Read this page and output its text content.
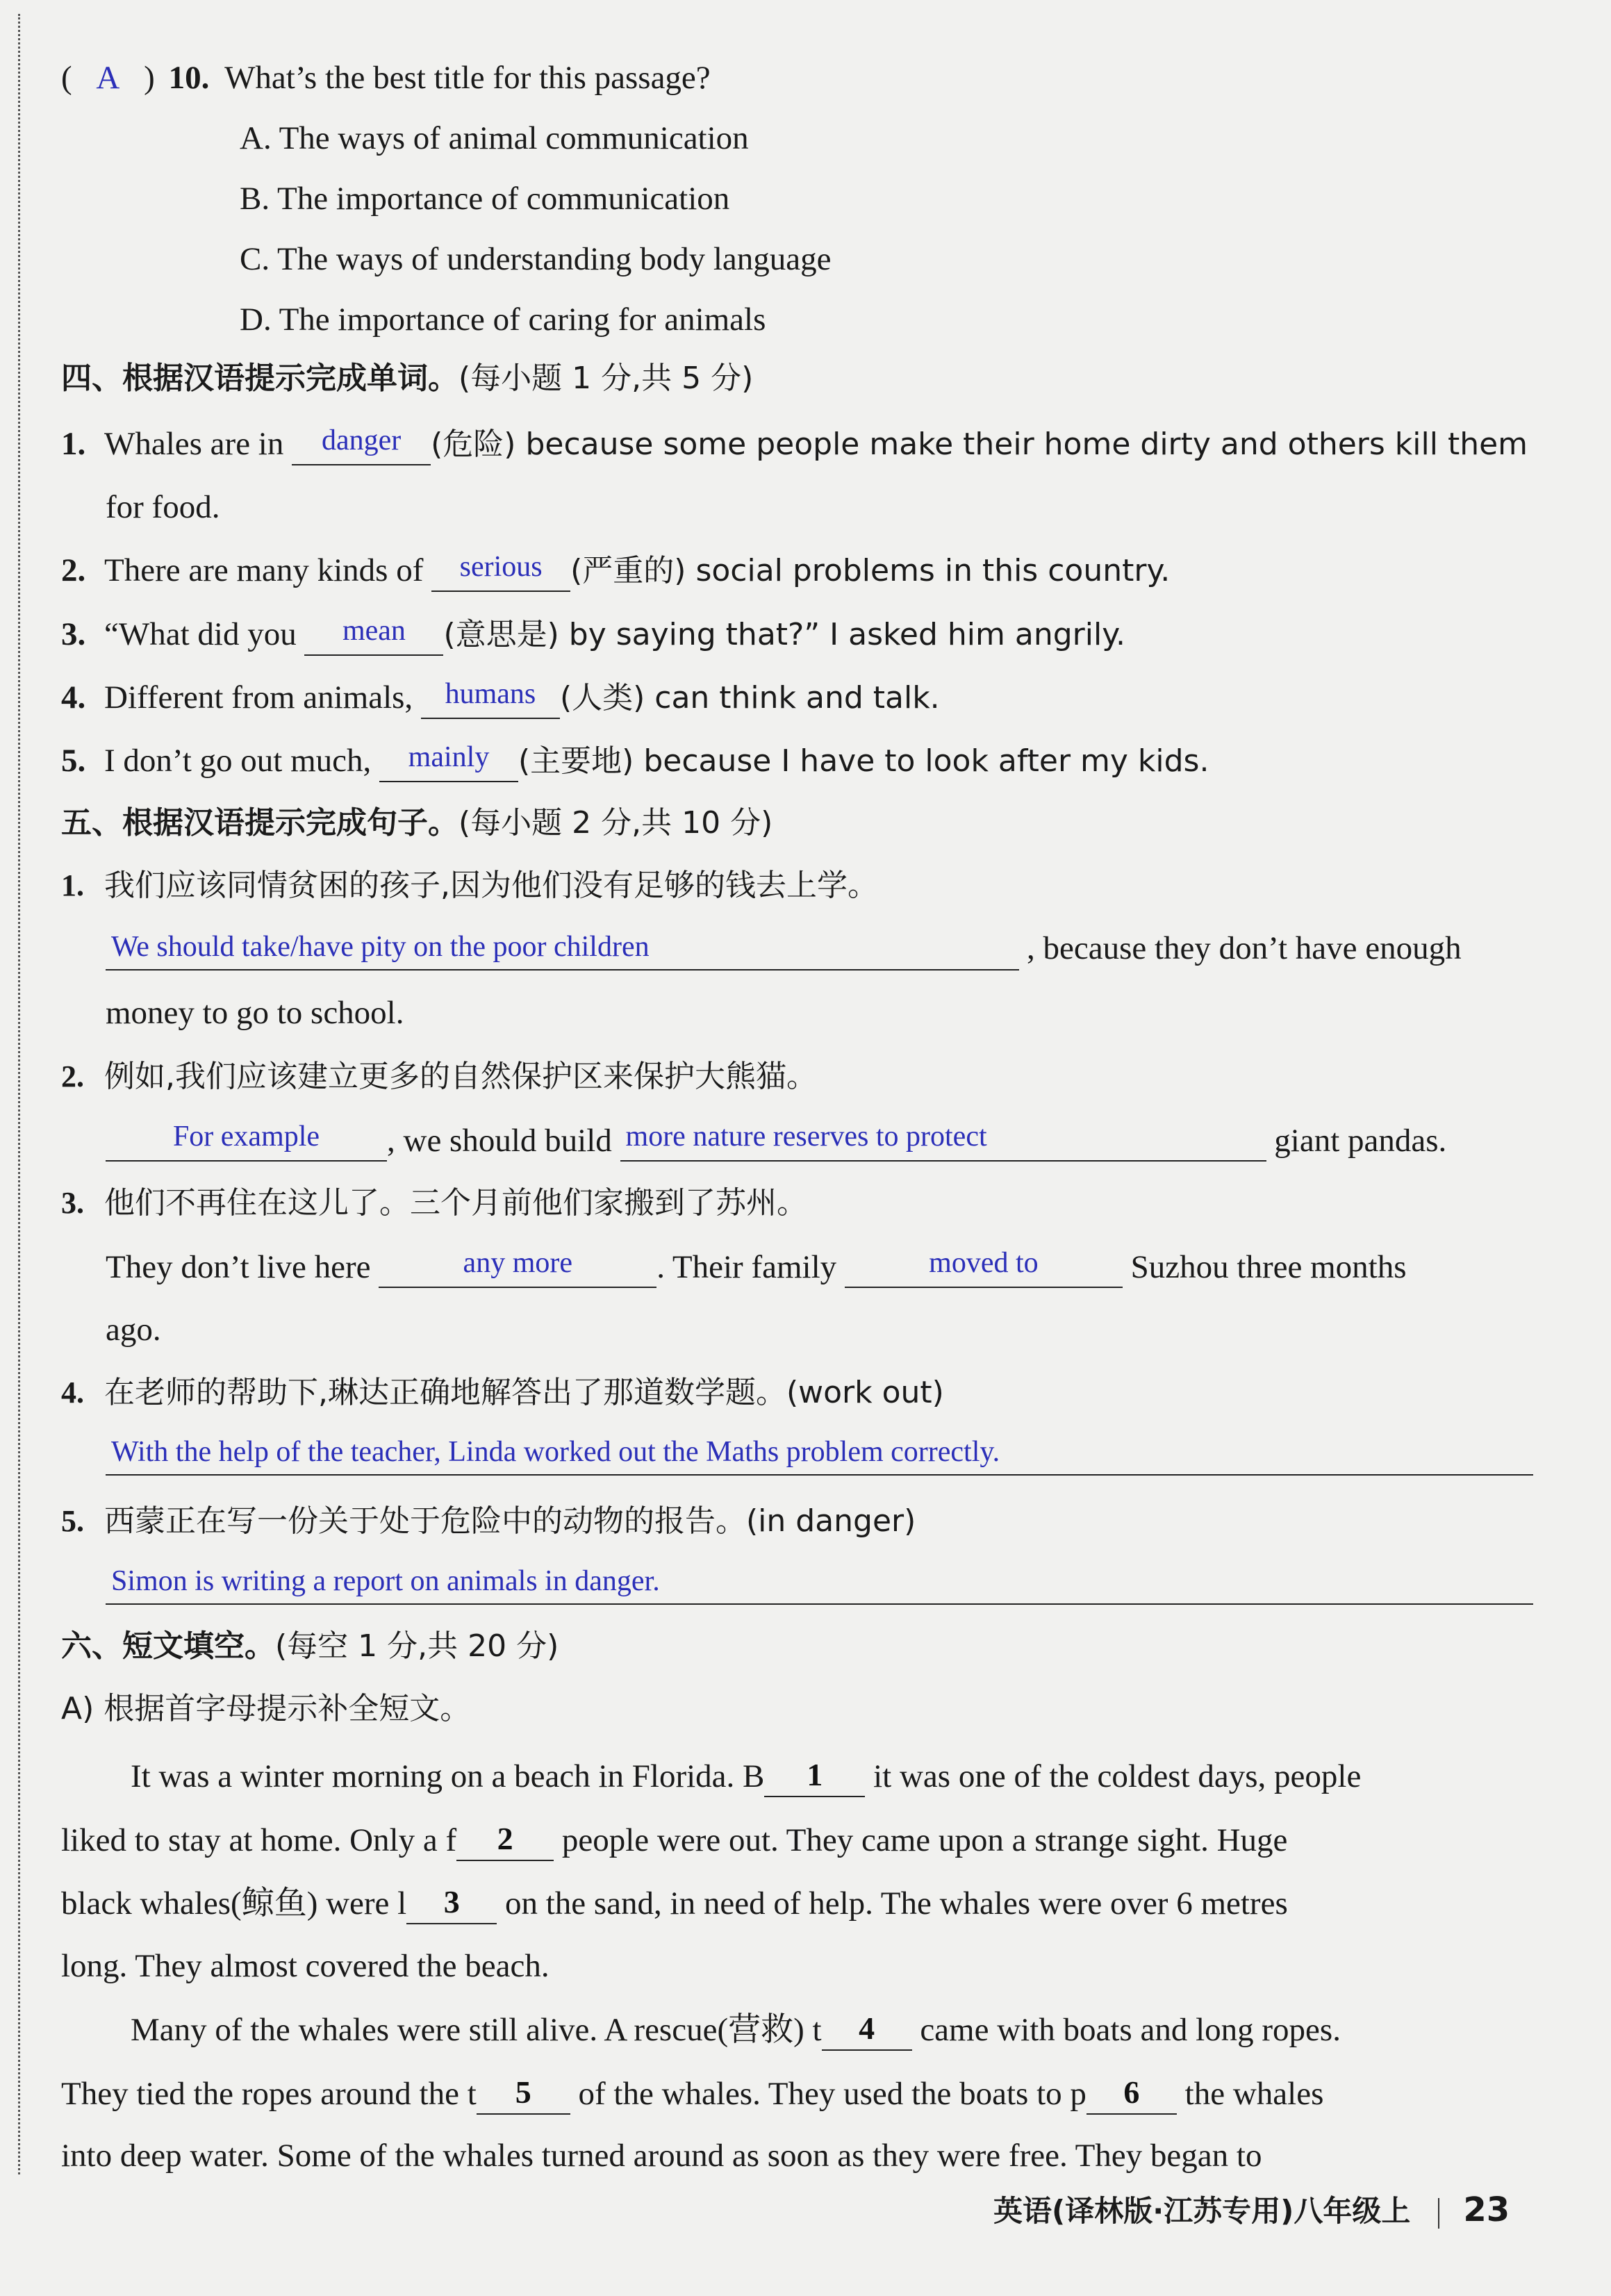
( A ) 10. What’s the best title for this passage?
A. The ways of animal communication
B. The importance of communication
C. The ways of understanding body language
D. The importance of caring for animals
四、根据汉语提示完成单词。(每小题 1 分,共 5 分)
1. Whales are in	danger (危险) because some people make their home dirty and others kill them
for food.
2. There are many kinds of	serious (严重的) social problems in this country.
3. “What did you	mean	(意思是) by saying that?” I asked him angrily.
4. Different from animals,	humans (人类) can think and talk.
5. I don’t go out much,	mainly (主要地) because I have to look after my kids.
五、根据汉语提示完成句子。(每小题 2 分,共 10 分)
1. 我们应该同情贫困的孩子,因为他们没有足够的钱去上学。
We should take/have pity on the poor children	, because they don’t have enough
money to go to school.
2. 例如,我们应该建立更多的自然保护区来保护大熊猫。
For example	, we should build more nature reserves to protect	giant pandas.
3. 他们不再住在这儿了。三个月前他们家搬到了苏州。
They don’t live here	any more	. Their family	moved to	Suzhou three months
ago.
4. 在老师的帮助下,琳达正确地解答出了那道数学题。(work out)
With the help of the teacher, Linda worked out the Maths problem correctly.
5. 西蒙正在写一份关于处于危险中的动物的报告。(in danger)
Simon is writing a report on animals in danger.
六、短文填空。(每空 1 分,共 20 分)
A) 根据首字母提示补全短文。
It was a winter morning on a beach in Florida. B	1	it was one of the coldest days, people
liked to stay at home. Only a f	2	people were out. They came upon a strange sight. Huge
black whales(鲸鱼) were l	3	on the sand, in need of help. The whales were over 6 metres
long. They almost covered the beach.
Many of the whales were still alive. A rescue(营救) t	4	came with boats and long ropes.
They tied the ropes around the t	5	of the whales. They used the boats to p	6	the whales
into deep water. Some of the whales turned around as soon as they were free. They began to
英语(译林版·江苏专用)八年级上 23
